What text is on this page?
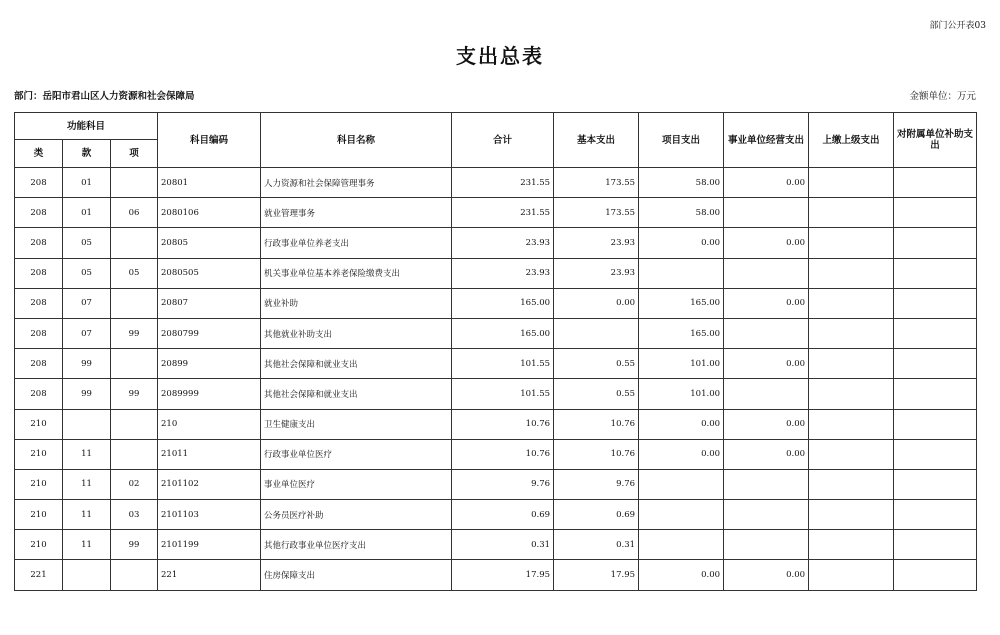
部门公开表03
支出总表
部门：岳阳市君山区人力资源和社会保障局	金额单位：万元
功能科目			科目编码	科目名称	合计	基本支出	项目支出	事业单位经营支出	上缴上级支出	对附属单位补助支出
类	款	项								
208	01		20801	人力资源和社会保障管理事务	231.55	173.55	58.00	0.00		
208	01	06	2080106	就业管理事务	231.55	173.55	58.00			
208	05		20805	行政事业单位养老支出	23.93	23.93	0.00	0.00		
208	05	05	2080505	机关事业单位基本养老保险缴费支出	23.93	23.93				
208	07		20807	就业补助	165.00	0.00	165.00	0.00		
208	07	99	2080799	其他就业补助支出	165.00		165.00			
208	99		20899	其他社会保障和就业支出	101.55	0.55	101.00	0.00		
208	99	99	2089999	其他社会保障和就业支出	101.55	0.55	101.00			
210			210	卫生健康支出	10.76	10.76	0.00	0.00		
210	11		21011	行政事业单位医疗	10.76	10.76	0.00	0.00		
210	11	02	2101102	事业单位医疗	9.76	9.76				
210	11	03	2101103	公务员医疗补助	0.69	0.69				
210	11	99	2101199	其他行政事业单位医疗支出	0.31	0.31				
221			221	住房保障支出	17.95	17.95	0.00	0.00		
